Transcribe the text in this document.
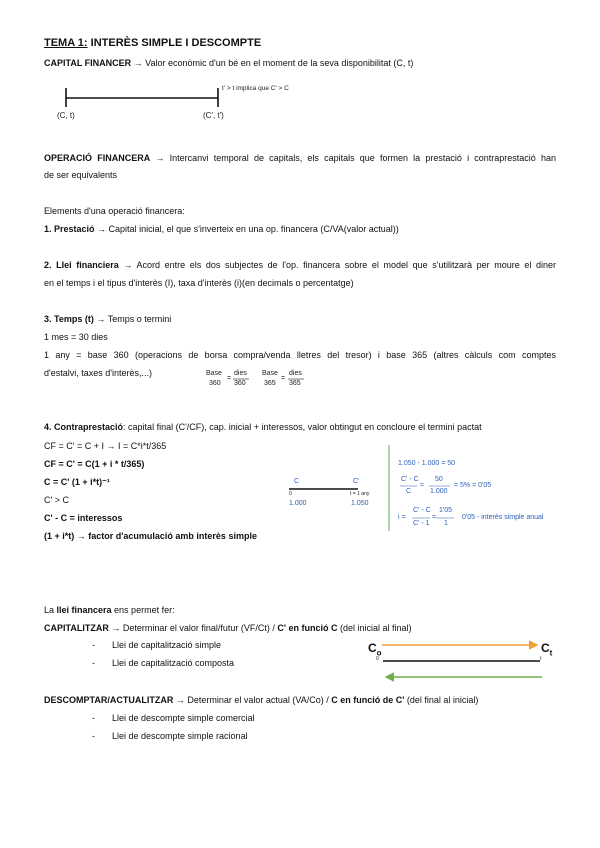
TEMA 1: INTERÈS SIMPLE I DESCOMPTE
CAPITAL FINANCER → Valor econòmic d'un bé en el moment de la seva disponibilitat (C, t)
t' > t implica que C' > C
(C, t)	(C', t')
OPERACIÓ FINANCERA → Intercanvi temporal de capitals, els capitals que formen la prestació i contraprestació han
de ser equivalents
Elements d'una operació financera:
1. Prestació → Capital inicial, el que s'inverteix en una op. financera (C/VA(valor actual))
2. Llei financiera → Acord entre els dos subjectes de l'op. financera sobre el model que s'utilitzarà per moure el diner
en el temps i el tipus d'interès (I), taxa d'interès (i)(en decimals o percentatge)
3. Temps (t) → Temps o termini
1 mes = 30 dies
1 any = base 360 (operacions de borsa compra/venda lletres del tresor) i base 365 (altres càlculs com comptes
d'estalvi, taxes d'interès,...)	Base
360
=
dies
360
Base
365
=
dies
365
4. Contraprestació: capital final (C'/CF), cap. inicial + interessos, valor obtingut en concloure el termini pactat
CF = C' = C + I → I = C*i*t/365
CF = C' = C(1 + i * t/365)
C = C' (1 + i*t)⁻¹
C' > C
C' - C = interessos
(1 + i*t) → factor d'acumulació amb interès simple
C	C'
0	t = 1 any
1.000	1.050
1.050 - 1.000 = 50
C' - C
C
=
50
1.000
= 5% = 0'05
i =
C' - C
C' - 1
=
1'05
1
0'05 - interès simple anual
La llei financera ens permet fer:
CAPITALITZAR → Determinar el valor final/futur (VF/Ct) / C' en funció C (del inicial al final)
- Llei de capitalització simple
- Llei de capitalització composta
$C_o$	$C_t$
0	t
DESCOMPTAR/ACTUALITZAR → Determinar el valor actual (VA/Co) / C en funció de C' (del final al inicial)
- Llei de descompte simple comercial
- Llei de descompte simple racional
